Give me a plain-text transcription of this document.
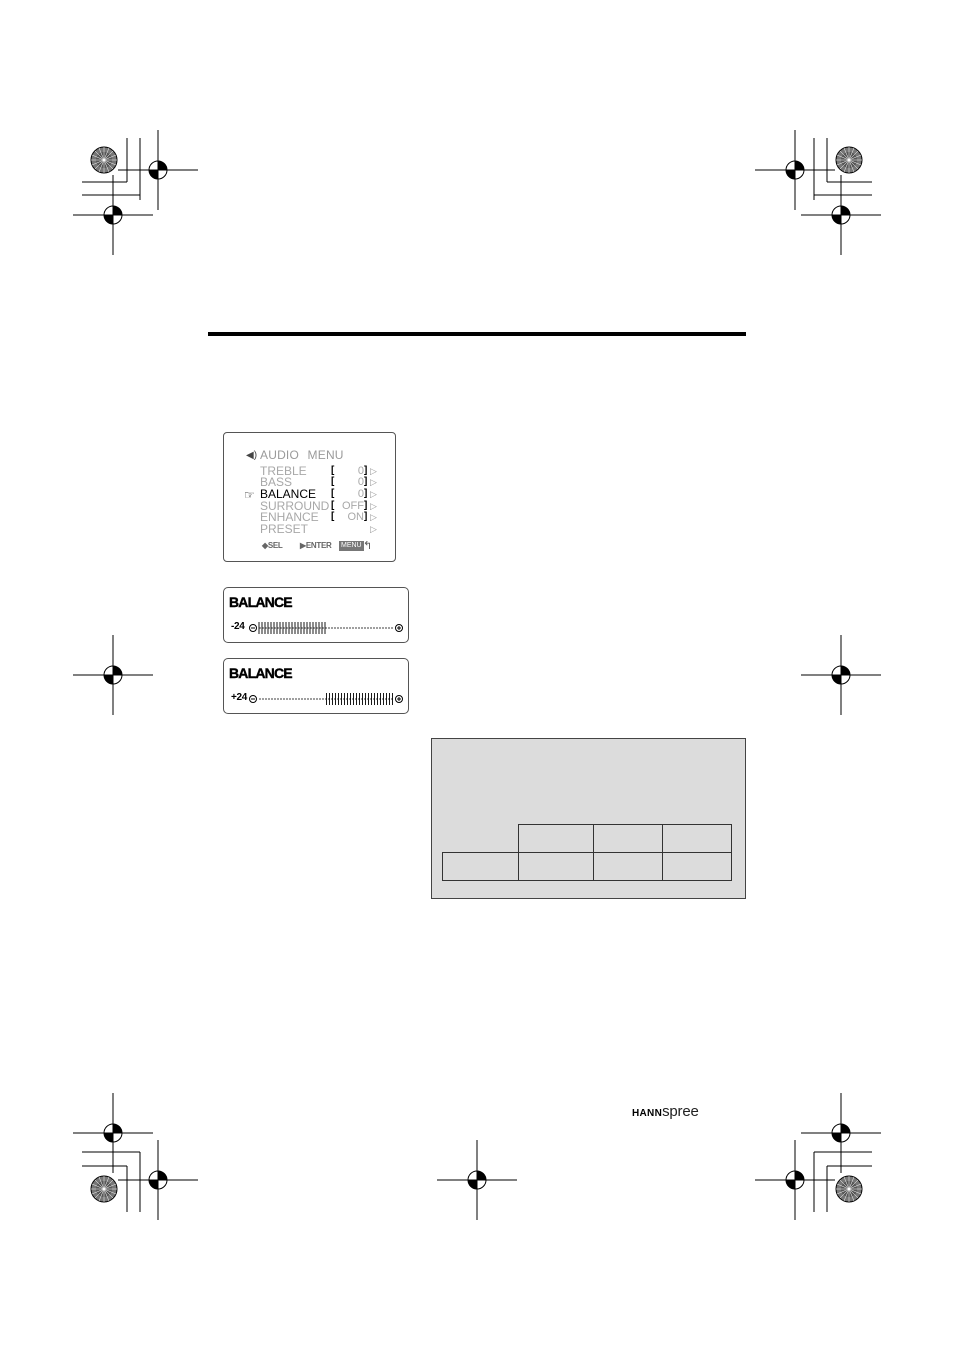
◀) AUDIO MENU
☞
TREBLE [	0 ] ▷
BASS	[	0 ] ▷
BALANCE [	0 ] ▷
SURROUND [ OFF ] ▷
ENHANCE [	ON ] ▷
PRESET	▷
◆SEL ▶ENTER MENU ↰
BALANCE
-24
BALANCE
+24
HANNspree
